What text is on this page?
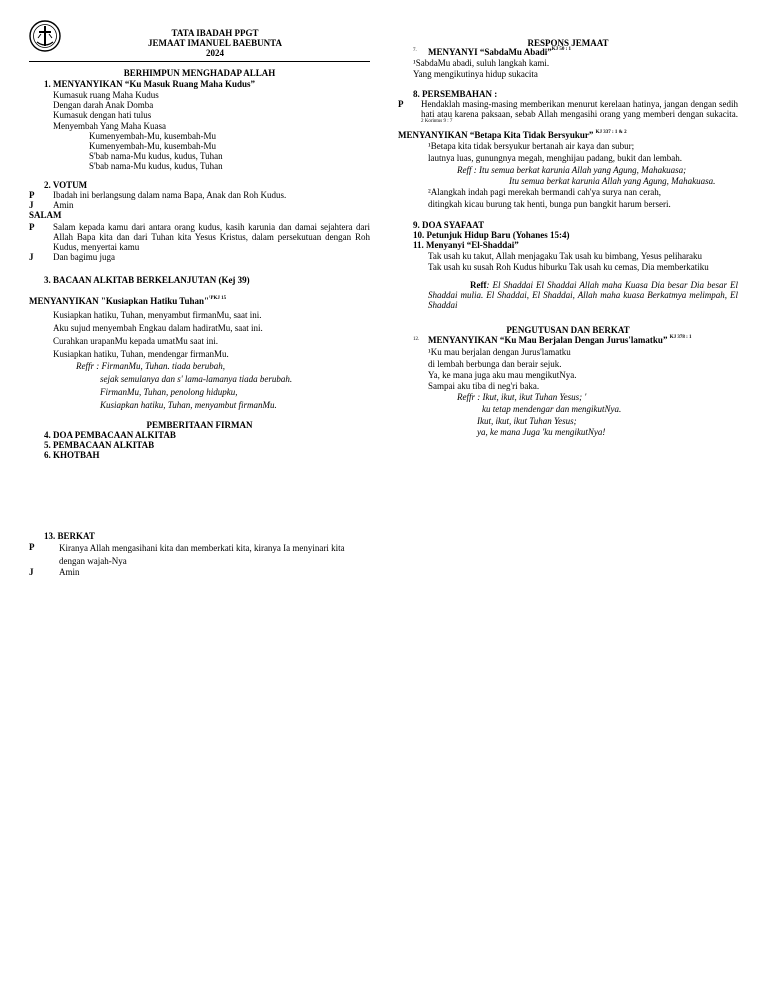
TATA IBADAH PPGT
JEMAAT IMANUEL BAEBUNTA
2024
BERHIMPUN MENGHADAP ALLAH
1. MENYANYIKAN “Ku Masuk Ruang Maha Kudus”
Kumasuk ruang Maha Kudus
Dengan darah Anak Domba
Kumasuk dengan hati tulus
Menyembah Yang Maha Kuasa
Kumenyembah-Mu, kusembah-Mu
Kumenyembah-Mu, kusembah-Mu
S'bab nama-Mu kudus, kudus, Tuhan
S'bab nama-Mu kudus, kudus, Tuhan
2. VOTUM
P Ibadah ini berlangsung dalam nama Bapa, Anak dan Roh Kudus.
J Amin
SALAM
P Salam kepada kamu dari antara orang kudus, kasih karunia dan damai sejahtera dari Allah Bapa kita dan dari Tuhan kita Yesus Kristus, dalam persekutuan dengan Roh Kudus, menyertai kamu
J Dan bagimu juga
3. BACAAN ALKITAB BERKELANJUTAN (Kej 39)
MENYANYIKAN "Kusiapkan Hatiku Tuhan"$^{^1PKJ 15}$
Kusiapkan hatiku, Tuhan, menyambut firmanMu, saat ini.
Aku sujud menyembah Engkau dalam hadiratMu, saat ini.
Curahkan urapanMu kepada umatMu saat ini.
Kusiapkan hatiku, Tuhan, mendengar firmanMu.
Reffr : FirmanMu, Tuhan. tiada berubah,
sejak semulanya dan s' lama-lamanya tiada berubah.
FirmanMu, Tuhan, penolong hidupku,
Kusiapkan hatiku, Tuhan, menyambut firmanMu.
PEMBERITAAN FIRMAN
4. DOA PEMBACAAN ALKITAB
5. PEMBACAAN ALKITAB
6. KHOTBAH
13. BERKAT
P	Kiranya Allah mengasihani kita dan memberkati kita, kiranya Ia menyinari kita dengan wajah-Nya
J	Amin
RESPONS JEMAAT
7. MENYANYI “SabdaMu Abadi”$^{KJ 50 : 1}$
¹SabdaMu abadi, suluh langkah kami.
Yang mengikutinya hidup sukacita
8. PERSEMBAHAN :
P Hendaklah masing-masing memberikan menurut kerelaan hatinya, jangan dengan sedih hati atau karena paksaan, sebab Allah mengasihi orang yang memberi dengan sukacita. $^{2 Korintus 9 : 7}$
MENYANYIKAN “Betapa Kita Tidak Bersyukur” $^{KJ 337 : 1 \& 2}$
¹Betapa kita tidak bersyukur bertanah air kaya dan subur;
lautnya luas, gunungnya megah, menghijau padang, bukit dan lembah.
Reff : Itu semua berkat karunia Allah yang Agung, Mahakuasa;
Itu semua berkat karunia Allah yang Agung, Mahakuasa.
²Alangkah indah pagi merekah bermandi cah'ya surya nan cerah,
ditingkah kicau burung tak henti, bunga pun bangkit harum berseri.
9. DOA SYAFAAT
10. Petunjuk Hidup Baru (Yohanes 15:4)
11. Menyanyi “El-Shaddai”
Tak usah ku takut, Allah menjagaku Tak usah ku bimbang, Yesus peliharaku
Tak usah ku susah Roh Kudus hiburku Tak usah ku cemas, Dia memberkatiku
Reff: El Shaddai El Shaddai Allah maha Kuasa Dia besar Dia besar El Shaddai mulia. El Shaddai, El Shaddai, Allah maha kuasa Berkatmya melimpah, El Shaddai
PENGUTUSAN DAN BERKAT
12. MENYANYIKAN “Ku Mau Berjalan Dengan Jurus'lamatku” $^{KJ 378 : 1}$
¹Ku mau berjalan dengan Jurus'lamatku
di lembah berbunga dan berair sejuk.
Ya, ke mana juga aku mau mengikutNya.
Sampai aku tiba di neg'ri baka.
Reffr : Ikut, ikut, ikut Tuhan Yesus; '
ku tetap mendengar dan mengikutNya.
Ikut, ikut, ikut Tuhan Yesus;
ya, ke mana Juga 'ku mengikutNya!
